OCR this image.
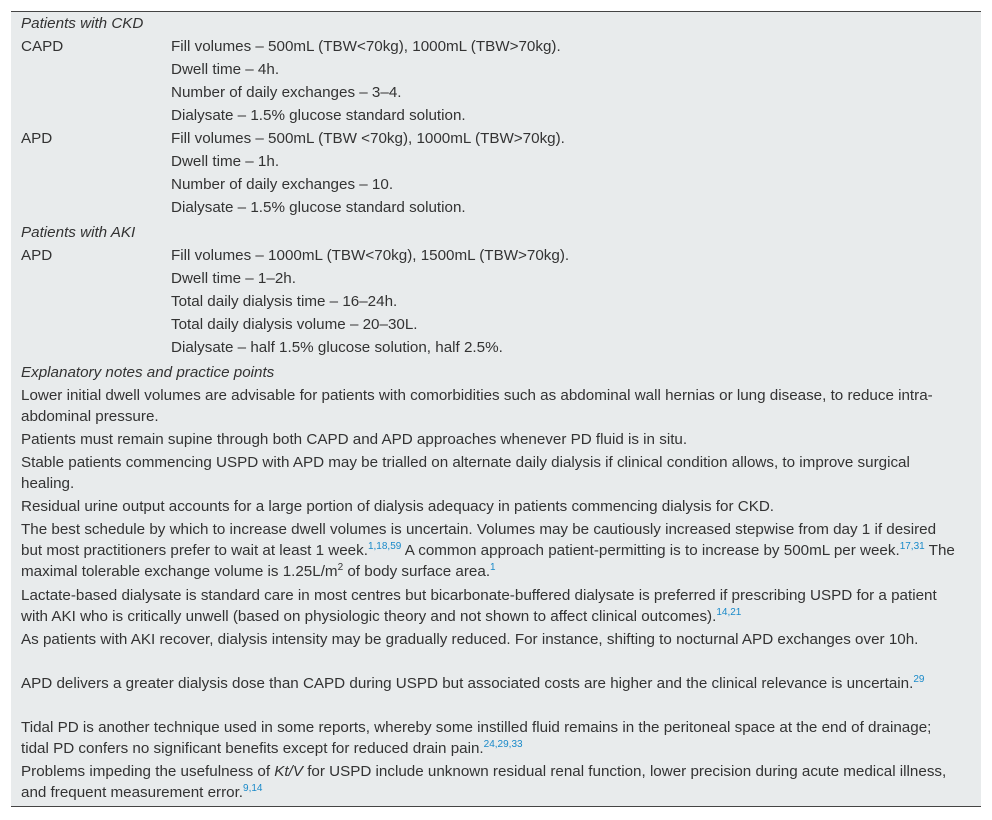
Patients with CKD
CAPD	Fill volumes – 500mL (TBW<70kg), 1000mL (TBW>70kg).
Dwell time – 4h.
Number of daily exchanges – 3–4.
Dialysate – 1.5% glucose standard solution.
APD	Fill volumes – 500mL (TBW <70kg), 1000mL (TBW>70kg).
Dwell time – 1h.
Number of daily exchanges – 10.
Dialysate – 1.5% glucose standard solution.
Patients with AKI
APD	Fill volumes – 1000mL (TBW<70kg), 1500mL (TBW>70kg).
Dwell time – 1–2h.
Total daily dialysis time – 16–24h.
Total daily dialysis volume – 20–30L.
Dialysate – half 1.5% glucose solution, half 2.5%.
Explanatory notes and practice points
Lower initial dwell volumes are advisable for patients with comorbidities such as abdominal wall hernias or lung disease, to reduce intra-abdominal pressure.
Patients must remain supine through both CAPD and APD approaches whenever PD fluid is in situ.
Stable patients commencing USPD with APD may be trialled on alternate daily dialysis if clinical condition allows, to improve surgical healing.
Residual urine output accounts for a large portion of dialysis adequacy in patients commencing dialysis for CKD.
The best schedule by which to increase dwell volumes is uncertain. Volumes may be cautiously increased stepwise from day 1 if desired but most practitioners prefer to wait at least 1 week.$^{1,18,59}$ A common approach patient-permitting is to increase by 500mL per week.$^{17,31}$ The maximal tolerable exchange volume is $1.25L/m^2$ of body surface area.$^1$
Lactate-based dialysate is standard care in most centres but bicarbonate-buffered dialysate is preferred if prescribing USPD for a patient with AKI who is critically unwell (based on physiologic theory and not shown to affect clinical outcomes).$^{14,21}$
As patients with AKI recover, dialysis intensity may be gradually reduced. For instance, shifting to nocturnal APD exchanges over 10h.
APD delivers a greater dialysis dose than CAPD during USPD but associated costs are higher and the clinical relevance is uncertain.$^{29}$
Tidal PD is another technique used in some reports, whereby some instilled fluid remains in the peritoneal space at the end of drainage; tidal PD confers no significant benefits except for reduced drain pain.$^{24,29,33}$
Problems impeding the usefulness of Kt/V for USPD include unknown residual renal function, lower precision during acute medical illness, and frequent measurement error.$^{9,14}$
